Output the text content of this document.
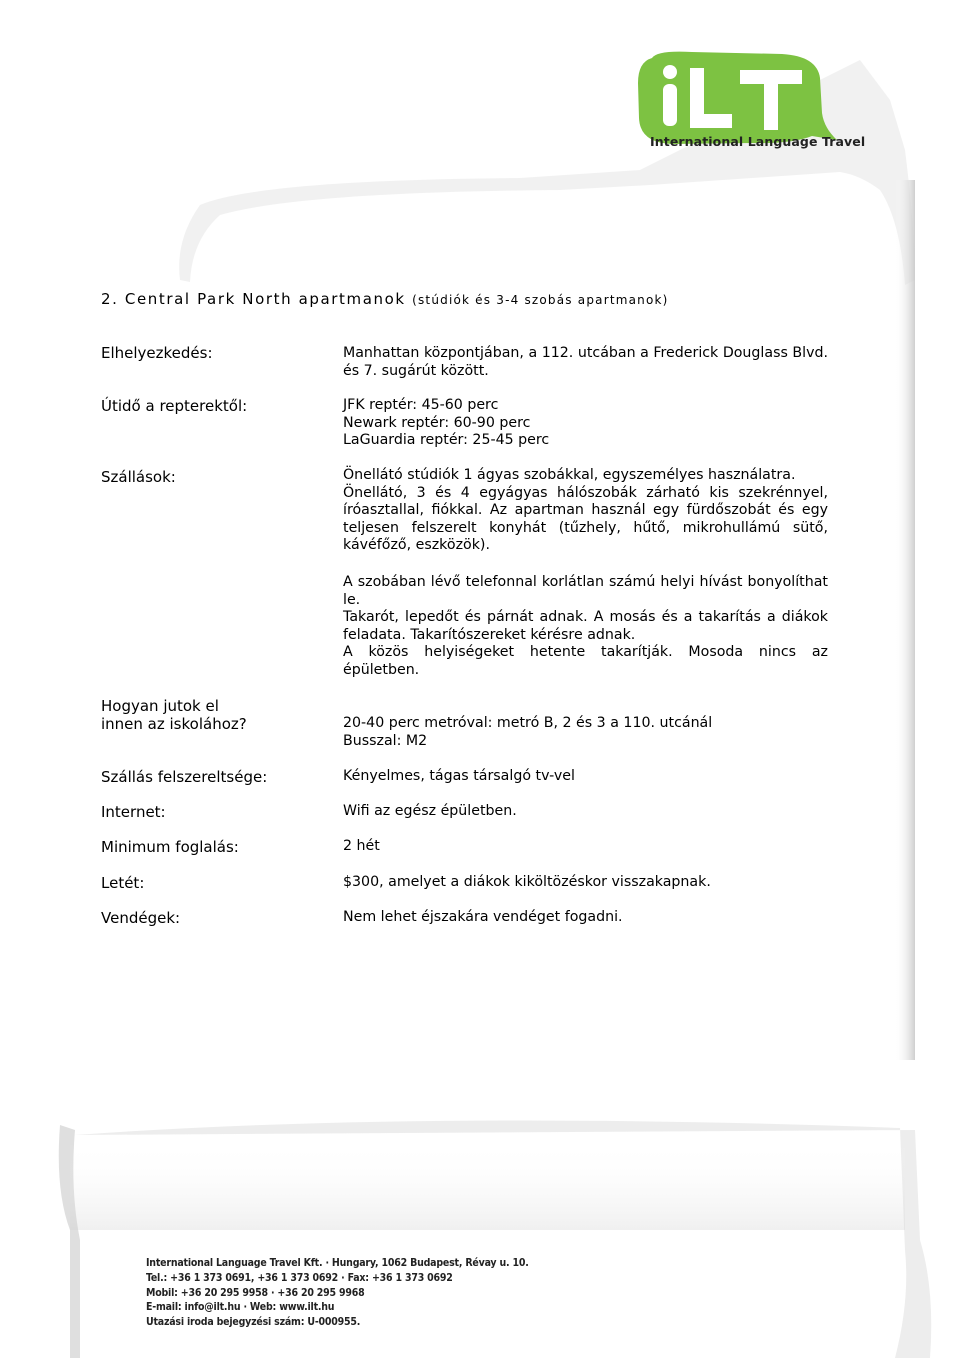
International Language Travel
2. Central Park North apartmanok (stúdiók és 3-4 szobás apartmanok)
Elhelyezkedés:	Manhattan központjában, a 112. utcában a Frederick Douglass Blvd. és 7. sugárút között.
Útidő a repterektől:	JFK reptér: 45-60 perc
Newark reptér: 60-90 perc
LaGuardia reptér: 25-45 perc
Szállások:	Önellátó stúdiók 1 ágyas szobákkal, egyszemélyes használatra.
Önellátó, 3 és 4 egyágyas hálószobák zárható kis szekrénnyel, íróasztallal, fiókkal. Az apartman használ egy fürdőszobát és egy teljesen felszerelt konyhát (tűzhely, hűtő, mikrohullámú sütő, kávéfőző, eszközök).
A szobában lévő telefonnal korlátlan számú helyi hívást bonyolíthat le.
Takarót, lepedőt és párnát adnak. A mosás és a takarítás a diákok feladata. Takarítószereket kérésre adnak.
A közös helyiségeket hetente takarítják. Mosoda nincs az épületben.
Hogyan jutok el innen az iskolához?	20-40 perc metróval: metró B, 2 és 3 a 110. utcánál
Busszal: M2
Szállás felszereltsége:	Kényelmes, tágas társalgó tv-vel
Internet:	Wifi az egész épületben.
Minimum foglalás:	2 hét
Letét:	$300, amelyet a diákok kiköltözéskor visszakapnak.
Vendégek:	Nem lehet éjszakára vendéget fogadni.
International Language Travel Kft. · Hungary, 1062 Budapest, Révay u. 10.
Tel.: +36 1 373 0691, +36 1 373 0692 · Fax: +36 1 373 0692
Mobil: +36 20 295 9958 · +36 20 295 9968
E-mail: info@ilt.hu · Web: www.ilt.hu
Utazási iroda bejegyzési szám: U-000955.
